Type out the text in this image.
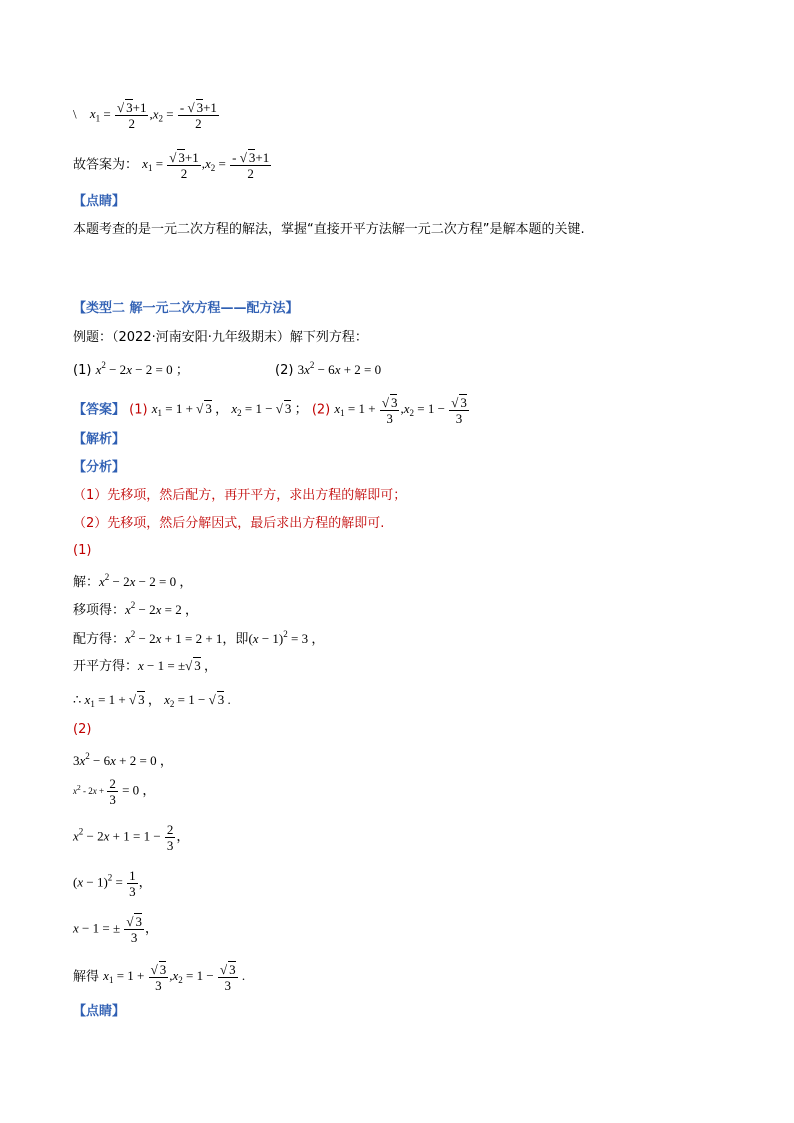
\ $x_1 = \frac{√ 3+1}{2} ,x_2 = \frac{- √ 3+1}{2}$
故答案为： $x_1 = \frac{√ 3+1}{2} ,x_2 = \frac{- √ 3+1}{2}$
【点睛】
本题考查的是一元二次方程的解法，掌握“直接开平方法解一元二次方程”是解本题的关键.
【类型二 解一元二次方程——配方法】
例题：（2022·河南安阳·九年级期末）解下列方程：
(1) $x^2 - 2x - 2 = 0$ ；	(2) $3x^2 - 6x + 2 = 0$
【答案】 (1) $x_1 = 1$ + √ 3 ， $x_2 = 1$ − √ 3 ； (2) $x_1 = 1 + \frac{√ 3}{3} ,x_2 = 1 - \frac{√ 3}{3}$
【解析】
【分析】
（1）先移项，然后配方，再开平方，求出方程的解即可；
（2）先移项，然后分解因式，最后求出方程的解即可.
(1)
解：$x^2 - 2x - 2 = 0$ ，
移项得：$x^2 - 2x = 2$ ，
配方得：$x^2 - 2x + 1 = 2 + 1$，即$(x - 1)^2 = 3$ ，
开平方得：x − 1 = ±√ 3 ，
∴ $x_1 = 1$ + √ 3 ， $x_2 = 1$ − √ 3 .
(2)
$3x^2 - 6x + 2 = 0$ ，
$x^2 - 2x + \frac{2}{3} = 0$ ，
$x^2 - 2x + 1 = 1 - \frac{2}{3}$ ，
$(x - 1)^2 = \frac{1}{3}$ ，
x − 1 = ± $\frac{√ 3}{3}$ ，
解得 $x_1 = 1 + \frac{√ 3}{3} ,x_2 = 1 - \frac{√ 3}{3}$ .
【点睛】
